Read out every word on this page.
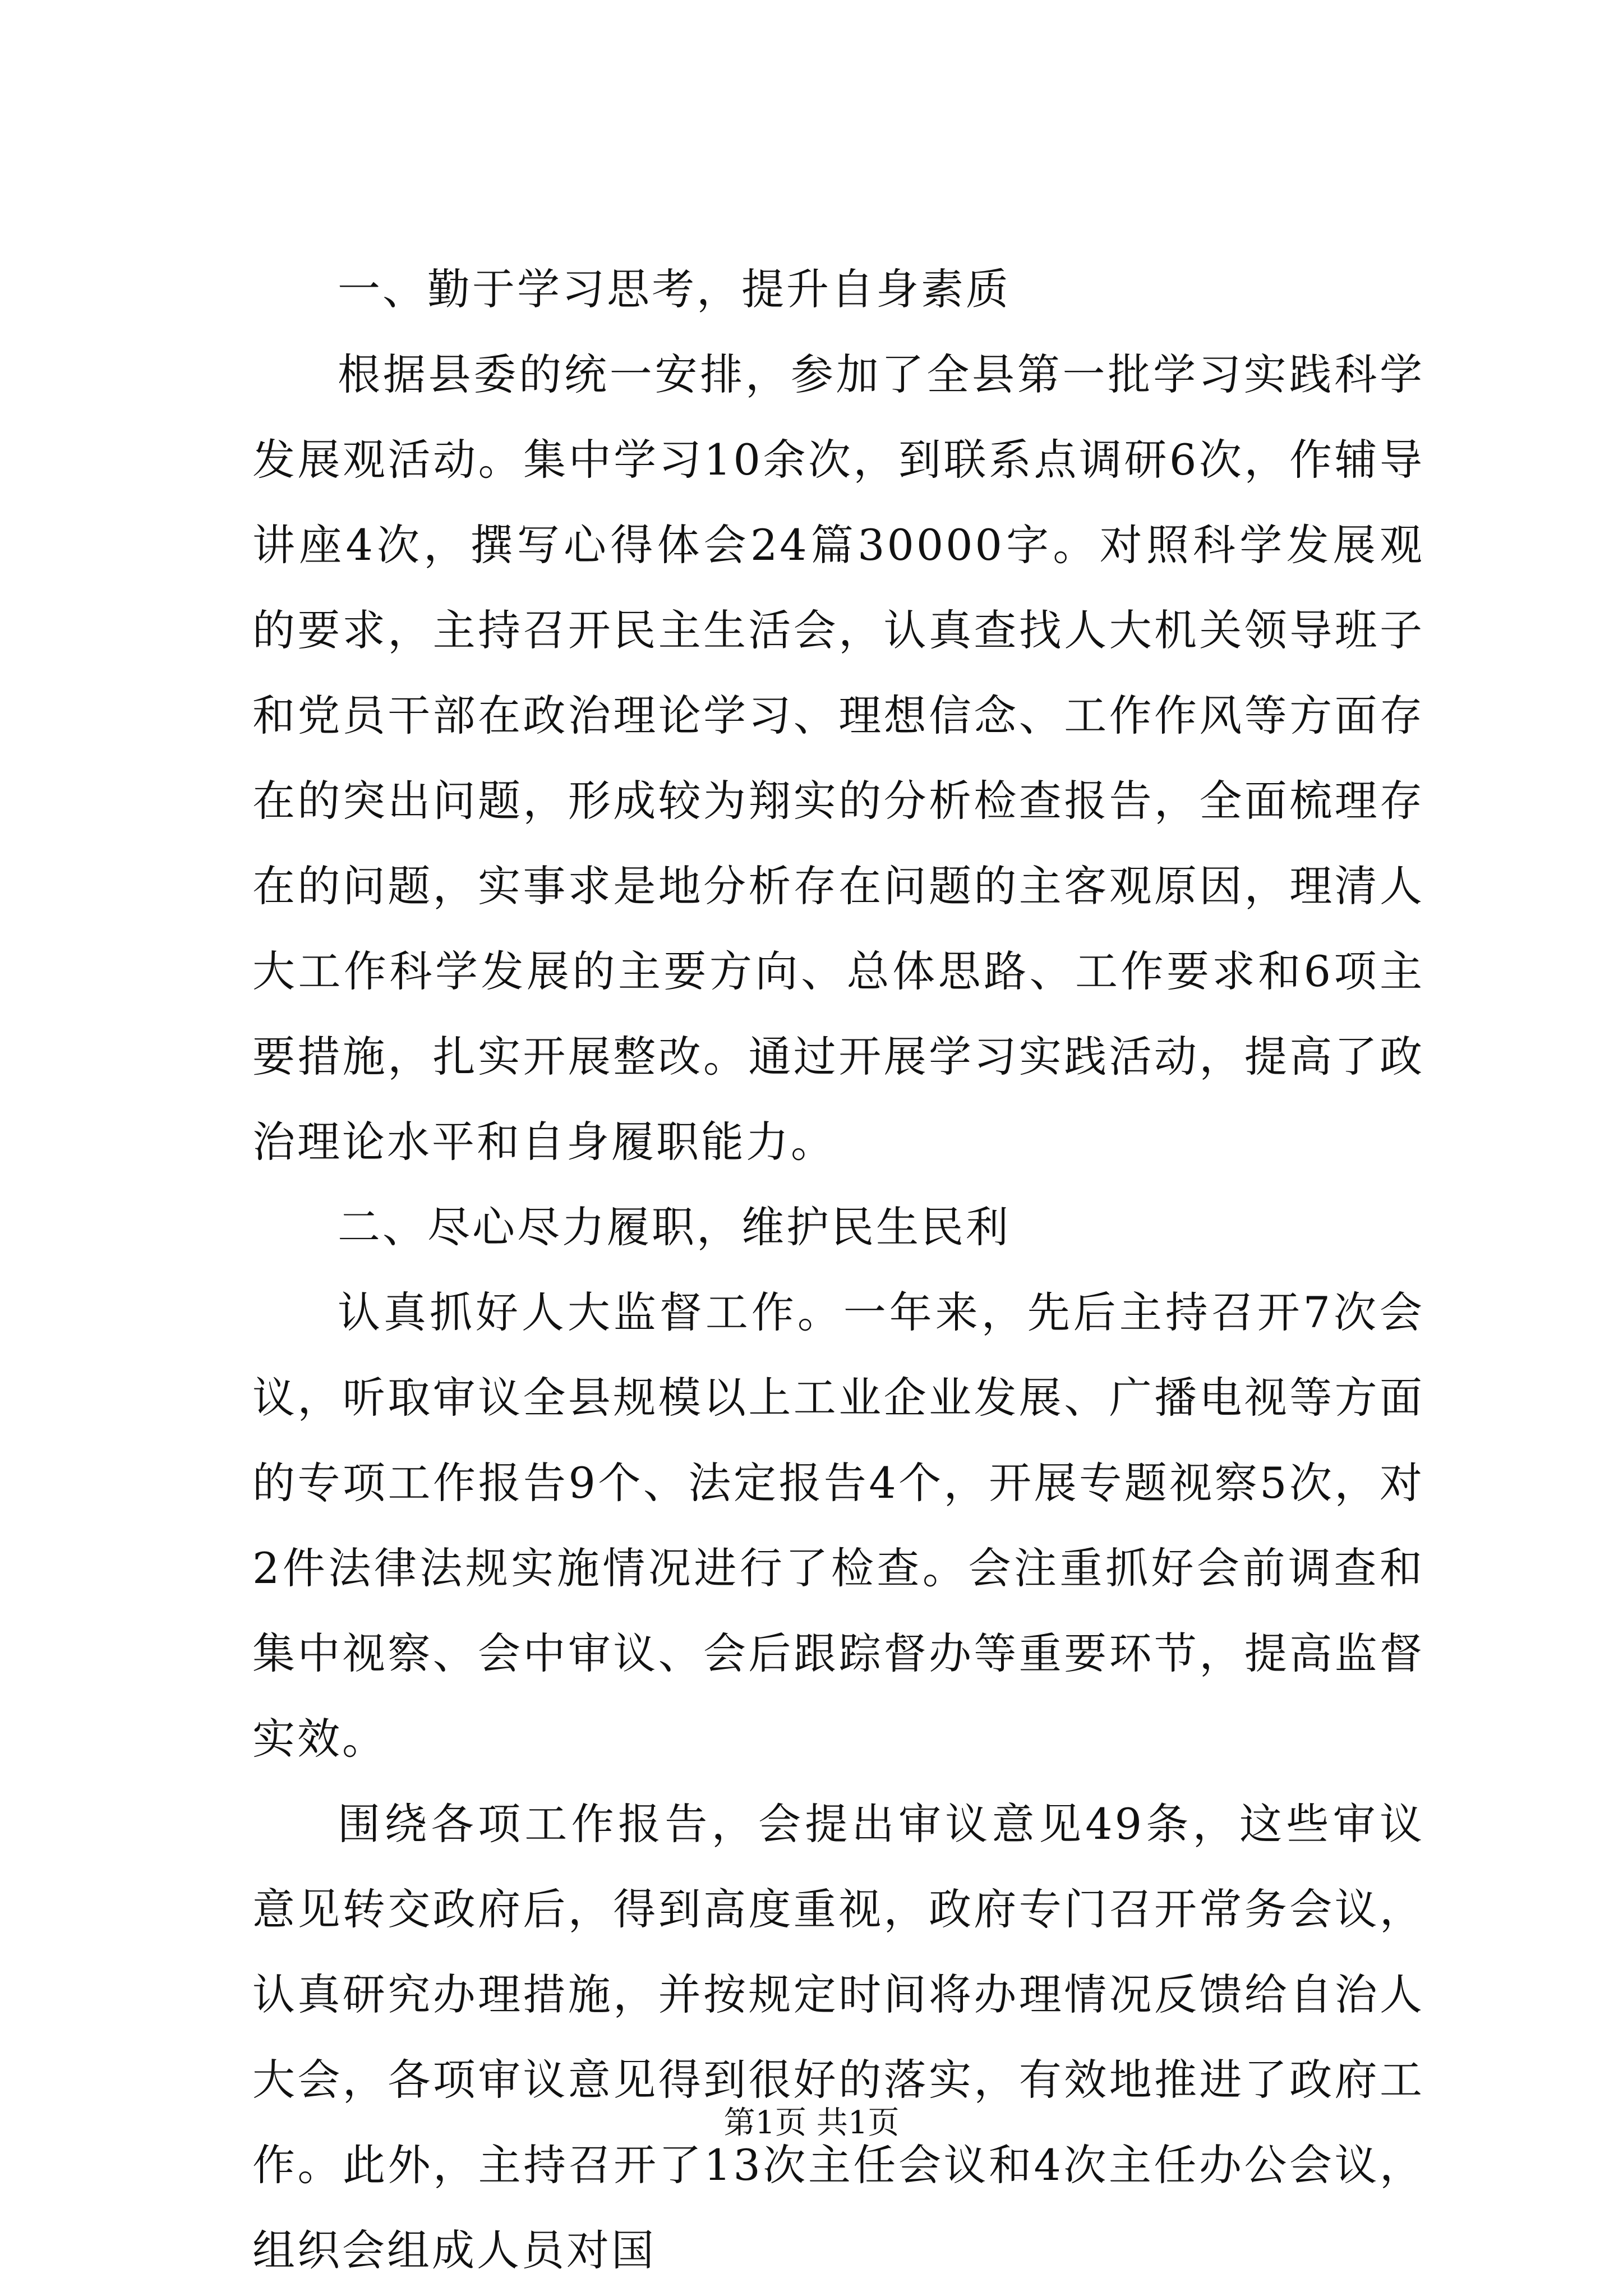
一、勤于学习思考，提升自身素质

根据县委的统一安排，参加了全县第一批学习实践科学发展观活动。集中学习10余次，到联系点调研6次，作辅导讲座4次，撰写心得体会24篇30000字。对照科学发展观的要求，主持召开民主生活会，认真查找人大机关领导班子和党员干部在政治理论学习、理想信念、工作作风等方面存在的突出问题，形成较为翔实的分析检查报告，全面梳理存在的问题，实事求是地分析存在问题的主客观原因，理清人大工作科学发展的主要方向、总体思路、工作要求和6项主要措施，扎实开展整改。通过开展学习实践活动，提高了政治理论水平和自身履职能力。

二、尽心尽力履职，维护民生民利

认真抓好人大监督工作。一年来，先后主持召开7次会议，听取审议全县规模以上工业企业发展、广播电视等方面的专项工作报告9个、法定报告4个，开展专题视察5次，对2件法律法规实施情况进行了检查。会注重抓好会前调查和集中视察、会中审议、会后跟踪督办等重要环节，提高监督实效。

围绕各项工作报告，会提出审议意见49条，这些审议意见转交政府后，得到高度重视，政府专门召开常务会议，认真研究办理措施，并按规定时间将办理情况反馈给自治人大会，各项审议意见得到很好的落实，有效地推进了政府工作。此外，主持召开了13次主任会议和4次主任办公会议，组织会组成人员对国

第1页 共1页
